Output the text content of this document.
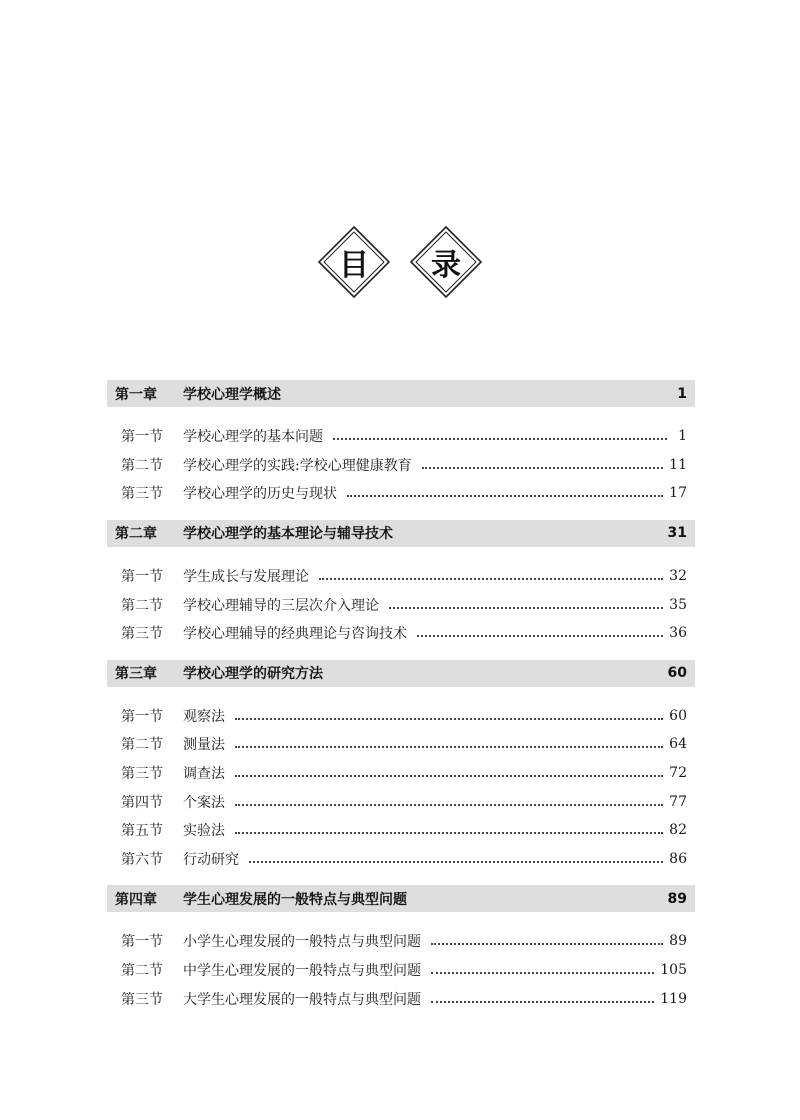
目	录
第一章	学校心理学概述	1
第一节	学校心理学的基本问题	1
第二节	学校心理学的实践:学校心理健康教育	11
第三节	学校心理学的历史与现状	17
第二章	学校心理学的基本理论与辅导技术	31
第一节	学生成长与发展理论	32
第二节	学校心理辅导的三层次介入理论	35
第三节	学校心理辅导的经典理论与咨询技术	36
第三章	学校心理学的研究方法	60
第一节	观察法	60
第二节	测量法	64
第三节	调查法	72
第四节	个案法	77
第五节	实验法	82
第六节	行动研究	86
第四章	学生心理发展的一般特点与典型问题	89
第一节	小学生心理发展的一般特点与典型问题	89
第二节	中学生心理发展的一般特点与典型问题	105
第三节	大学生心理发展的一般特点与典型问题	119
